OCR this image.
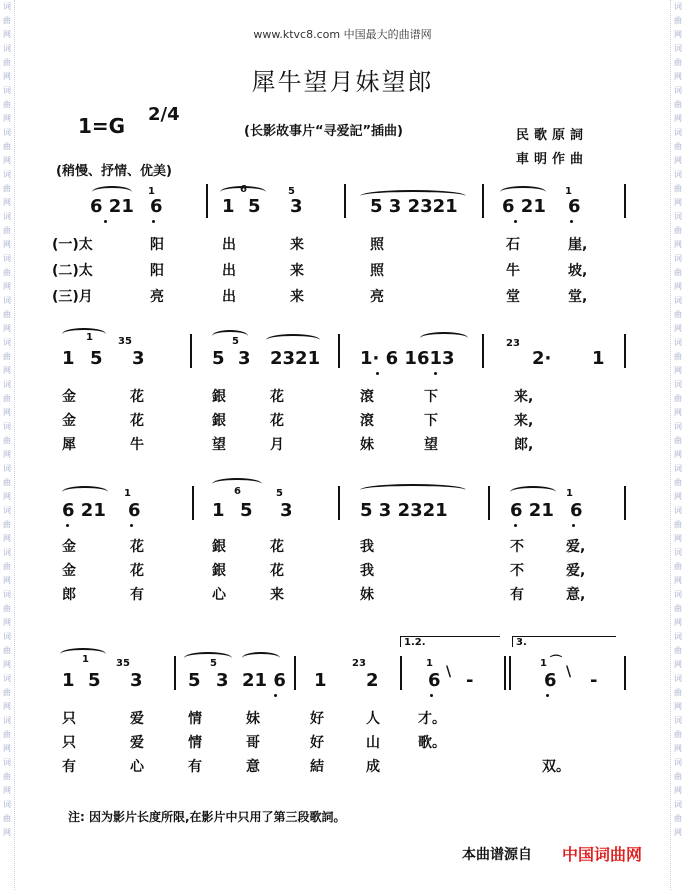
词曲网词曲网词曲网词曲网词曲网词曲网词曲网词曲网词曲网词曲网词曲网词曲网词曲网词曲网词曲网词曲网词曲网词曲网词曲网词曲网
词曲网词曲网词曲网词曲网词曲网词曲网词曲网词曲网词曲网词曲网词曲网词曲网词曲网词曲网词曲网词曲网词曲网词曲网词曲网词曲网
www.ktvc8.com 中国最大的曲谱网
犀牛望月妹望郎
1=G 2/4
(长影故事片“寻爱記”插曲)	民歌原詞
車明作曲
(稍慢、抒情、优美)
1	6	5	1
6 21 6	1 5 3	5 3 2321 6 21 6
(一)太	阳	出	来	照	石	崖,
(二)太	阳	出	来	照	牛	坡,
(三)月	亮	出	来	亮	堂	堂,
1	35	5	23
1 5 3	5 3 2321 1· 6 1613	2· 1
金	花	銀	花	滾	下	来,
金	花	銀	花	滾	下	来,
犀	牛	望	月	妹	望	郎,
1	6	5	1
6 21 6	1 5 3	5 3 2321	6 21 6
金	花	銀	花	我	不	爱,
金	花	銀	花	我	不	爱,
郎	有	心	来	妹	有	意,
1.2.	3.
1	35	5	23	1	1
1 5 3	5 3 21 6 1 2	6 \ -
⌒
6 \ -
只	爱	情	妹	好	人	才。
只	爱	情	哥	好	山	歌。
有	心	有	意	結	成	双。
注: 因为影片长度所限,在影片中只用了第三段歌詞。
本曲谱源自 中国词曲网
